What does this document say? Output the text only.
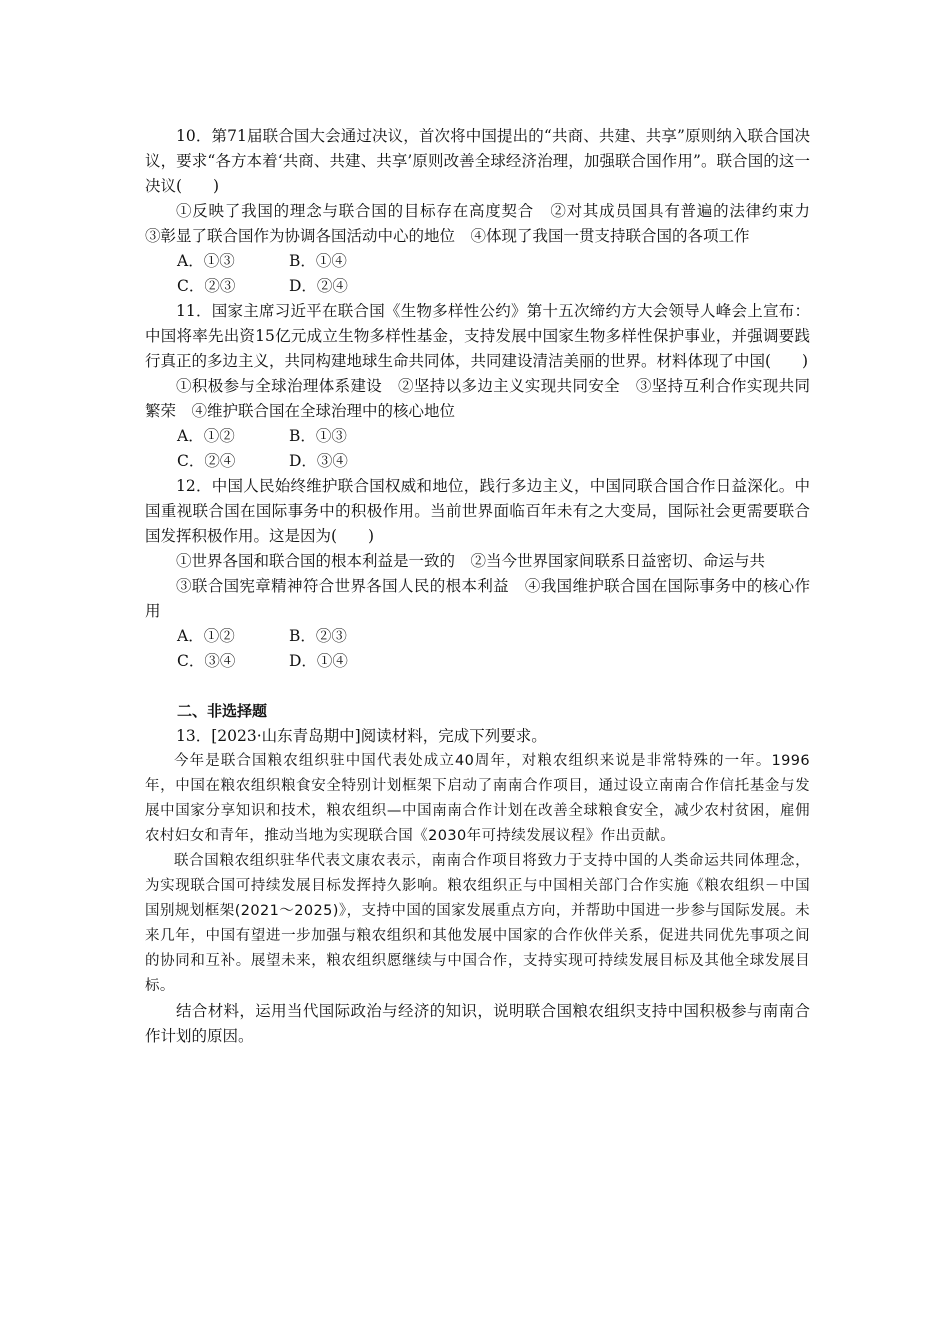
10．第71届联合国大会通过决议，首次将中国提出的“共商、共建、共享”原则纳入联合国决议，要求“各方本着‘共商、共建、共享’原则改善全球经济治理，加强联合国作用”。联合国的这一决议(　　)

①反映了我国的理念与联合国的目标存在高度契合　②对其成员国具有普遍的法律约束力　③彰显了联合国作为协调各国活动中心的地位　④体现了我国一贯支持联合国的各项工作

A．①③	B．①④
C．②③	D．②④

11．国家主席习近平在联合国《生物多样性公约》第十五次缔约方大会领导人峰会上宣布：中国将率先出资15亿元成立生物多样性基金，支持发展中国家生物多样性保护事业，并强调要践行真正的多边主义，共同构建地球生命共同体，共同建设清洁美丽的世界。材料体现了中国(　　)

①积极参与全球治理体系建设　②坚持以多边主义实现共同安全　③坚持互利合作实现共同繁荣　④维护联合国在全球治理中的核心地位

A．①②	B．①③
C．②④	D．③④

12．中国人民始终维护联合国权威和地位，践行多边主义，中国同联合国合作日益深化。中国重视联合国在国际事务中的积极作用。当前世界面临百年未有之大变局，国际社会更需要联合国发挥积极作用。这是因为(　　)

①世界各国和联合国的根本利益是一致的　②当今世界国家间联系日益密切、命运与共

③联合国宪章精神符合世界各国人民的根本利益　④我国维护联合国在国际事务中的核心作用

A．①②	B．②③
C．③④	D．①④
二、非选择题

13．[2023·山东青岛期中]阅读材料，完成下列要求。

今年是联合国粮农组织驻中国代表处成立40周年，对粮农组织来说是非常特殊的一年。1996年，中国在粮农组织粮食安全特别计划框架下启动了南南合作项目，通过设立南南合作信托基金与发展中国家分享知识和技术，粮农组织—中国南南合作计划在改善全球粮食安全，减少农村贫困，雇佣农村妇女和青年，推动当地为实现联合国《2030年可持续发展议程》作出贡献。

联合国粮农组织驻华代表文康农表示，南南合作项目将致力于支持中国的人类命运共同体理念，为实现联合国可持续发展目标发挥持久影响。粮农组织正与中国相关部门合作实施《粮农组织－中国国别规划框架(2021～2025)》，支持中国的国家发展重点方向，并帮助中国进一步参与国际发展。未来几年，中国有望进一步加强与粮农组织和其他发展中国家的合作伙伴关系，促进共同优先事项之间的协同和互补。展望未来，粮农组织愿继续与中国合作，支持实现可持续发展目标及其他全球发展目标。

结合材料，运用当代国际政治与经济的知识，说明联合国粮农组织支持中国积极参与南南合作计划的原因。
